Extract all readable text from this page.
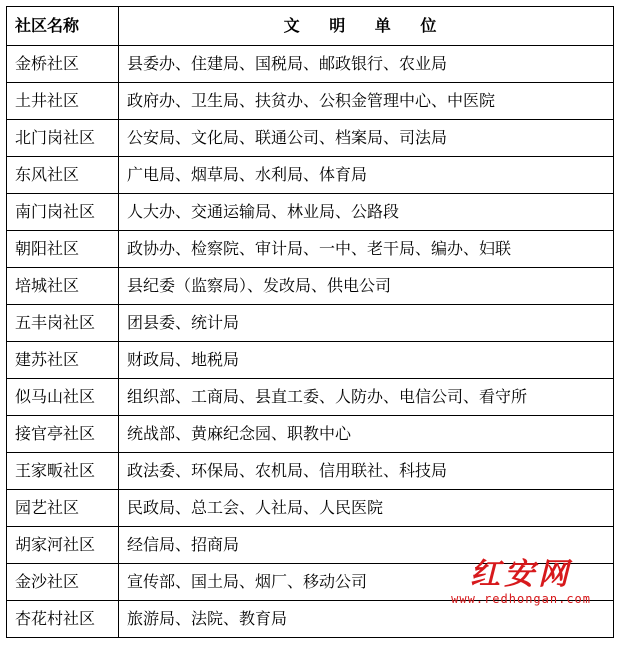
社区名称	文 明 单 位
金桥社区	县委办、住建局、国税局、邮政银行、农业局
土井社区	政府办、卫生局、扶贫办、公积金管理中心、中医院
北门岗社区	公安局、文化局、联通公司、档案局、司法局
东风社区	广电局、烟草局、水利局、体育局
南门岗社区	人大办、交通运输局、林业局、公路段
朝阳社区	政协办、检察院、审计局、一中、老干局、编办、妇联
培城社区	县纪委（监察局）、发改局、供电公司
五丰岗社区	团县委、统计局
建苏社区	财政局、地税局
似马山社区	组织部、工商局、县直工委、人防办、电信公司、看守所
接官亭社区	统战部、黄麻纪念园、职教中心
王家畈社区	政法委、环保局、农机局、信用联社、科技局
园艺社区	民政局、总工会、人社局、人民医院
胡家河社区	经信局、招商局
金沙社区	宣传部、国土局、烟厂、移动公司
杏花村社区	旅游局、法院、教育局
红安网
www.redhongan.com
